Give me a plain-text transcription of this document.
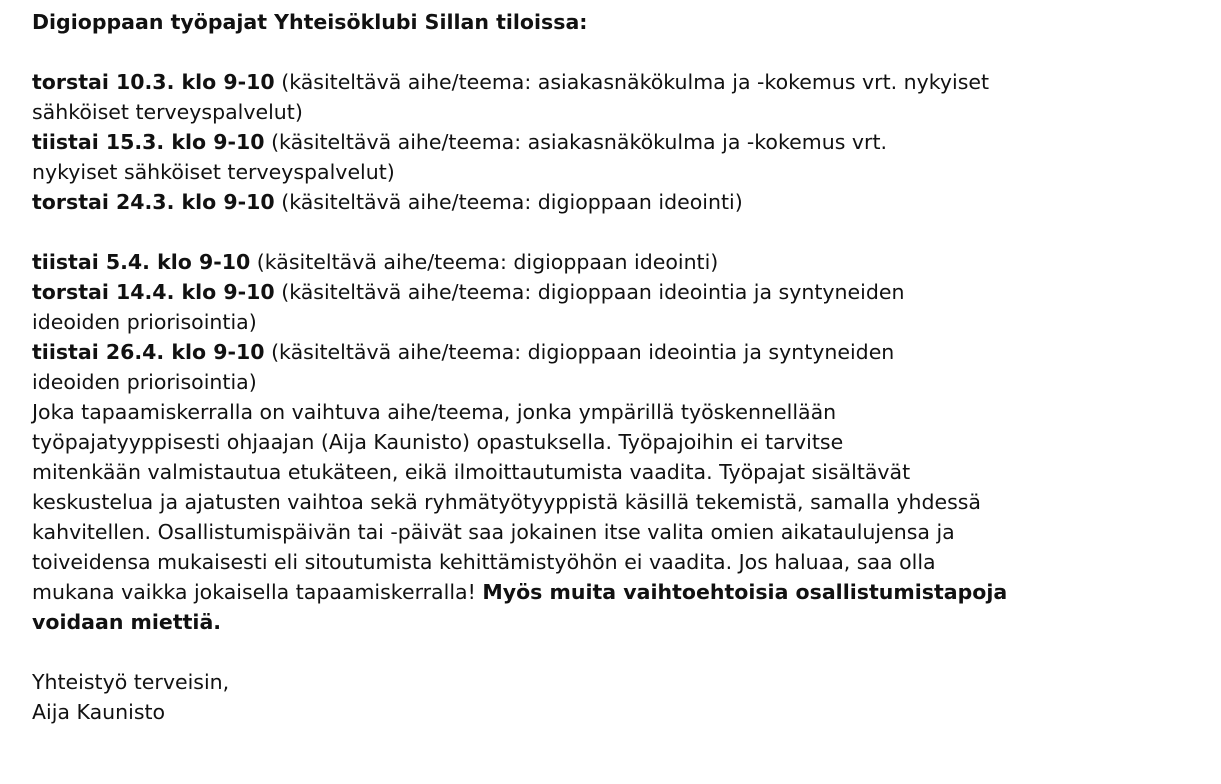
Digioppaan työpajat Yhteisöklubi Sillan tiloissa:

torstai 10.3. klo 9-10 (käsiteltävä aihe/teema: asiakasnäkökulma ja -kokemus vrt. nykyiset
sähköiset terveyspalvelut)

tiistai 15.3. klo 9-10 (käsiteltävä aihe/teema: asiakasnäkökulma ja -kokemus vrt.
nykyiset sähköiset terveyspalvelut)

torstai 24.3. klo 9-10 (käsiteltävä aihe/teema: digioppaan ideointi)

tiistai 5.4. klo 9-10 (käsiteltävä aihe/teema: digioppaan ideointi)

torstai 14.4. klo 9-10 (käsiteltävä aihe/teema: digioppaan ideointia ja syntyneiden
ideoiden priorisointia)

tiistai 26.4. klo 9-10 (käsiteltävä aihe/teema: digioppaan ideointia ja syntyneiden
ideoiden priorisointia)

Joka tapaamiskerralla on vaihtuva aihe/teema, jonka ympärillä työskennellään
työpajatyyppisesti ohjaajan (Aija Kaunisto) opastuksella. Työpajoihin ei tarvitse
mitenkään valmistautua etukäteen, eikä ilmoittautumista vaadita. Työpajat sisältävät
keskustelua ja ajatusten vaihtoa sekä ryhmätyötyyppistä käsillä tekemistä, samalla yhdessä
kahvitellen. Osallistumispäivän tai -päivät saa jokainen itse valita omien aikataulujensa ja
toiveidensa mukaisesti eli sitoutumista kehittämistyöhön ei vaadita. Jos haluaa, saa olla
mukana vaikka jokaisella tapaamiskerralla! Myös muita vaihtoehtoisia osallistumistapoja
voidaan miettiä.

Yhteistyö terveisin,

Aija Kaunisto
